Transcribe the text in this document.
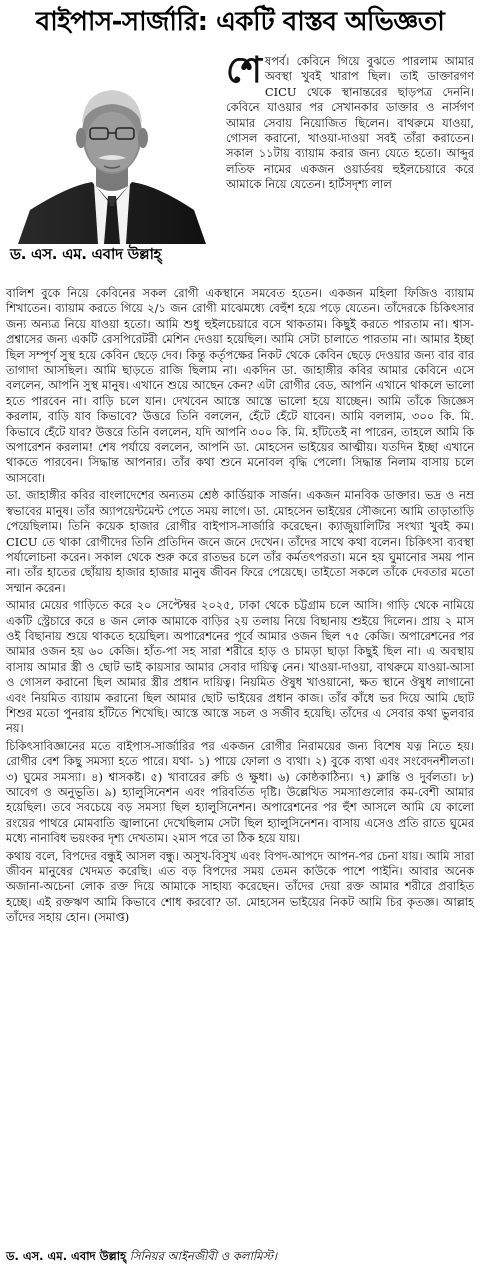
বাইপাস-সার্জারি: একটি বাস্তব অভিজ্ঞতা
ড. এস. এম. এবাদ উল্লাহ্
শে ষপর্ব। কেবিনে গিয়ে বুঝতে পারলাম আমার অবস্থা খুবই খারাপ ছিল। তাই ডাক্তারগণ CICU থেকে স্থানান্তরের ছাড়পত্র দেননি। কেবিনে যাওয়ার পর সেখানকার ডাক্তার ও নার্সগণ আমার সেবায় নিয়োজিত ছিলেন। বাথরুমে যাওয়া, গোসল করানো, খাওয়া-দাওয়া সবই তাঁরা করাতেন। সকাল ১১টায় ব্যায়াম করার জন্য যেতে হতো। আব্দুর লতিফ নামের একজন ওয়ার্ডবয় হুইলচেয়ারে করে আমাকে নিয়ে যেতেন। হার্টসদৃশ্য লাল

বালিশ বুকে নিয়ে কেবিনের সকল রোগী একস্থানে সমবেত হতেন। একজন মহিলা ফিজিও ব্যায়াম শিখাতেন। ব্যায়াম করতে গিয়ে ২/১ জন রোগী মাঝেমধ্যে বেহুঁশ হয়ে পড়ে যেতেন। তাঁদেরকে চিকিৎসার জন্য অন্যত্র নিয়ে যাওয়া হতো। আমি শুধু হুইলচেয়ারে বসে থাকতাম। কিছুই করতে পারতাম না। শ্বাস-প্রশ্বাসের জন্য একটি রেসপিরেটরী মেশিন দেওয়া হয়েছিল। আমি সেটা চালাতে পারতাম না। আমার ইচ্ছা ছিল সম্পূর্ণ সুস্থ হয়ে কেবিন ছেড়ে দেব। কিন্তু কর্তৃপক্ষের নিকট থেকে কেবিন ছেড়ে দেওয়ার জন্য বার বার তাগাদা আসছিল। আমি ছাড়তে রাজি ছিলাম না। একদিন ডা. জাহাঙ্গীর কবির আমার কেবিনে এসে বললেন, আপনি সুস্থ মানুষ। এখানে শুয়ে আছেন কেন? এটা রোগীর বেড, আপনি এখানে থাকলে ভালো হতে পারবেন না। বাড়ি চলে যান। দেখবেন আস্তে আস্তে ভালো হয়ে যাচ্ছেন। আমি তাঁকে জিজ্ঞেস করলাম, বাড়ি যাব কিভাবে? উত্তরে তিনি বললেন, হেঁটে হেঁটে যাবেন। আমি বললাম, ৩০০ কি. মি. কিভাবে হেঁটে যাব? উত্তরে তিনি বললেন, যদি আপনি ৩০০ কি. মি. হাঁটতেই না পারেন, তাহলে আমি কি অপারেশন করলাম! শেষ পর্যায়ে বললেন, আপনি ডা. মোহসেন ভাইয়ের আত্মীয়। যতদিন ইচ্ছা এখানে থাকতে পারবেন। সিদ্ধান্ত আপনার। তাঁর কথা শুনে মনোবল বৃদ্ধি পেলো। সিদ্ধান্ত নিলাম বাসায় চলে আসবো।

ডা. জাহাঙ্গীর কবির বাংলাদেশের অন্যতম শ্রেষ্ঠ কার্ডিয়াক সার্জন। একজন মানবিক ডাক্তার। ভদ্র ও নম্র স্বভাবের মানুষ। তাঁর অ্যাপয়েন্টমেন্ট পেতে সময় লাগে। ডা. মোহসেন ভাইয়ের সৌজন্যে আমি তাড়াতাড়ি পেয়েছিলাম। তিনি কয়েক হাজার রোগীর বাইপাস-সার্জারি করেছেন। ক্যাজুয়ালিটির সংখ্যা খুবই কম। CICU তে থাকা রোগীদের তিনি প্রতিদিন জনে জনে দেখেন। তাঁদের সাথে কথা বলেন। চিকিৎসা ব্যবস্থা পর্যালোচনা করেন। সকাল থেকে শুরু করে রাতভর চলে তাঁর কর্মতৎপরতা। মনে হয় ঘুমানোর সময় পান না। তাঁর হাতের ছোঁয়ায় হাজার হাজার মানুষ জীবন ফিরে পেয়েছে। তাইতো সকলে তাঁকে দেবতার মতো সম্মান করেন।

আমার মেয়ের গাড়িতে করে ২০ সেপ্টেম্বর ২০২৫, ঢাকা থেকে চট্টগ্রাম চলে আসি। গাড়ি থেকে নামিয়ে একটি স্ট্রেচারে করে ৪ জন লোক আমাকে বাড়ির ২য় তলায় নিয়ে বিছানায় শুইয়ে দিলেন। প্রায় ২ মাস ওই বিছানায় শুয়ে থাকতে হয়েছিল। অপারেশনের পূর্বে আমার ওজন ছিল ৭৫ কেজি। অপারেশনের পর আমার ওজন হয় ৬০ কেজি। হাঁত-পা সহ সারা শরীরে হাড় ও চামড়া ছাড়া কিছুই ছিল না। এ অবস্থায় বাসায় আমার স্ত্রী ও ছোট ভাই কায়সার আমার সেবার দায়িত্ব নেন। খাওয়া-দাওয়া, বাথরুমে যাওয়া-আসা ও গোসল করানো ছিল আমার স্ত্রীর প্রধান দায়িত্ব। নিয়মিত ঔষুধ খাওয়ানো, ক্ষত স্থানে ঔষুধ লাগানো এবং নিয়মিত ব্যায়াম করানো ছিল আমার ছোট ভাইয়ের প্রধান কাজ। তাঁর কাঁধে ভর দিয়ে আমি ছোট শিশুর মতো পুনরায় হাঁটতে শিখেছি। আস্তে আস্তে সচল ও সজীব হয়েছি। তাঁদের এ সেবার কথা ভুলবার নয়।

চিকিৎসাবিজ্ঞানের মতে বাইপাস-সার্জারির পর একজন রোগীর নিরাময়ের জন্য বিশেষ যত্ন নিতে হয়। রোগীর বেশ কিছু সমস্যা হতে পারে। যথা- ১) পায়ে ফোলা ও ব্যথা। ২) বুকে ব্যথা এবং সংবেদনশীলতা। ৩) ঘুমের সমস্যা। ৪) শ্বাসকষ্ট। ৫) খাবারের রুচি ও ক্ষুধা। ৬) কোষ্ঠকাঠিন্য। ৭) ক্লান্তি ও দুর্বলতা। ৮) আবেগ ও অনুভূতি। ৯) হ্যালুসিনেশন এবং পরিবর্তিত দৃষ্টি। উল্লেখিত সমস্যাগুলোর কম-বেশী আমার হয়েছিল। তবে সবচেয়ে বড় সমস্যা ছিল হ্যালুসিনেশন। অপারেশনের পর হুঁশ আসলে আমি যে কালো রংয়ের পাথরে মোমবাতি জ্বালানো দেখেছিলাম সেটা ছিল হ্যালুসিনেশন। বাসায় এসেও প্রতি রাতে ঘুমের মধ্যে নানাবিধ ভয়ংকর দৃশ্য দেখতাম। ২মাস পরে তা ঠিক হয়ে যায়।

কথায় বলে, বিপদের বন্ধুই আসল বন্ধু। অসুখ-বিসুখ এবং বিপদ-আপদে আপন-পর চেনা যায়। আমি সারা জীবন মানুষের খেদমত করেছি। এত বড় বিপদের সময় তেমন কাউকে পাশে পাইনি। আবার অনেক অজানা-অচেনা লোক রক্ত দিয়ে আমাকে সাহায্য করেছেন। তাঁদের দেয়া রক্ত আমার শরীরে প্রবাহিত হচ্ছে। এই রক্তঋণ আমি কিভাবে শোধ করবো? ডা. মোহসেন ভাইয়ের নিকট আমি চির কৃতজ্ঞ। আল্লাহ তাঁদের সহায় হোন। (সমাপ্ত)

ড. এস. এম. এবাদ উল্লাহ্ সিনিয়র আইনজীবী ও কলামিস্ট।
